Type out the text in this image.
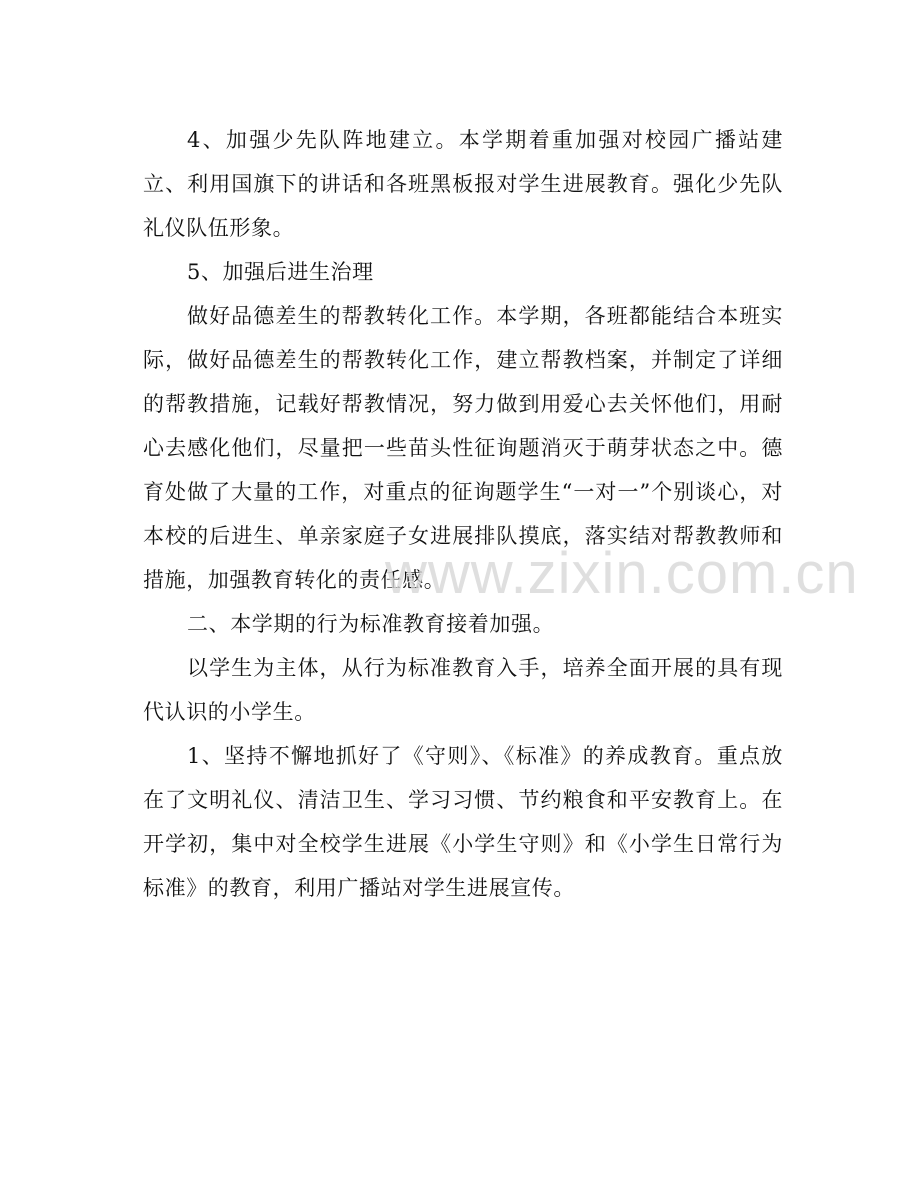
4、加强少先队阵地建立。本学期着重加强对校园广播站建立、利用国旗下的讲话和各班黑板报对学生进展教育。强化少先队礼仪队伍形象。

5、加强后进生治理

做好品德差生的帮教转化工作。本学期，各班都能结合本班实际，做好品德差生的帮教转化工作，建立帮教档案，并制定了详细的帮教措施，记载好帮教情况，努力做到用爱心去关怀他们，用耐心去感化他们，尽量把一些苗头性征询题消灭于萌芽状态之中。德育处做了大量的工作，对重点的征询题学生“一对一”个别谈心，对本校的后进生、单亲家庭子女进展排队摸底，落实结对帮教教师和措施，加强教育转化的责任感。

二、本学期的行为标准教育接着加强。

以学生为主体，从行为标准教育入手，培养全面开展的具有现代认识的小学生。

1、坚持不懈地抓好了《守则》、《标准》的养成教育。重点放在了文明礼仪、清洁卫生、学习习惯、节约粮食和平安教育上。在开学初，集中对全校学生进展《小学生守则》和《小学生日常行为标准》的教育，利用广播站对学生进展宣传。

www.zixin.com.cn
